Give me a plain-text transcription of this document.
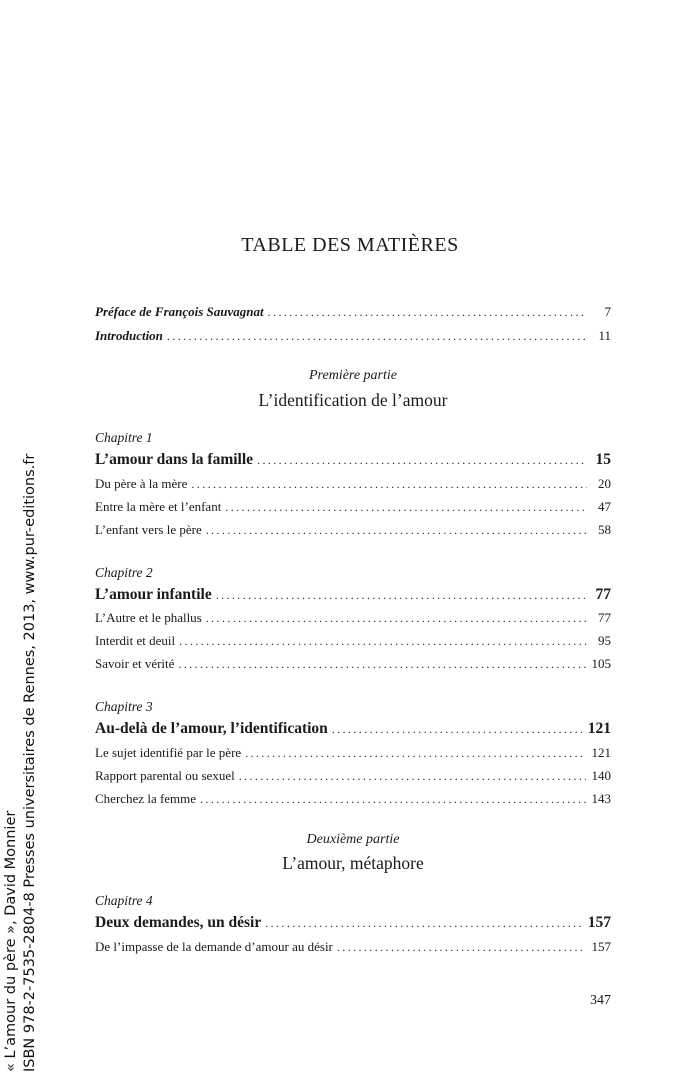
TABLE DES MATIÈRES
Préface de François Sauvagnat .....	7
Introduction .....	11
Première partie
L’identification de l’amour
Chapitre 1
L’amour dans la famille .....	15
Du père à la mère .....	20
Entre la mère et l’enfant .....	47
L’enfant vers le père .....	58
Chapitre 2
L’amour infantile .....	77
L’Autre et le phallus .....	77
Interdit et deuil .....	95
Savoir et vérité .....	105
Chapitre 3
Au-delà de l’amour, l’identification .....	121
Le sujet identifié par le père .....	121
Rapport parental ou sexuel .....	140
Cherchez la femme .....	143
Deuxième partie
L’amour, métaphore
Chapitre 4
Deux demandes, un désir .....	157
De l’impasse de la demande d’amour au désir .....	157
347
« L’amour du père », David Monnier ISBN 978-2-7535-2804-8 Presses universitaires de Rennes, 2013, www.pur-editions.fr
